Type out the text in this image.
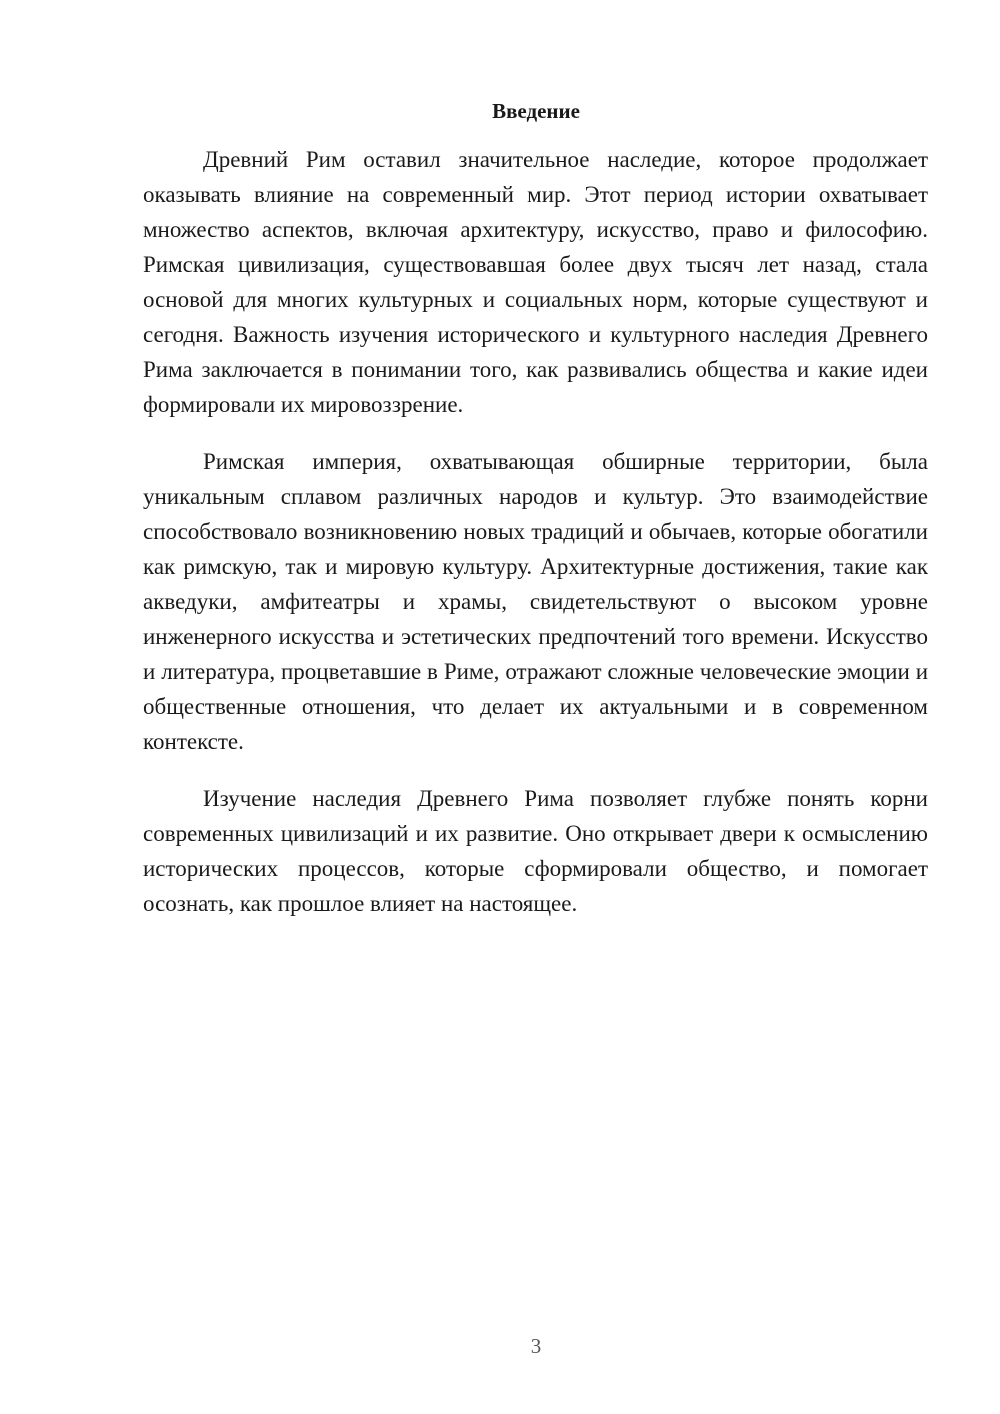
Введение

Древний Рим оставил значительное наследие, которое продолжает оказывать влияние на современный мир. Этот период истории охватывает множество аспектов, включая архитектуру, искусство, право и философию. Римская цивилизация, существовавшая более двух тысяч лет назад, стала основой для многих культурных и социальных норм, которые существуют и сегодня. Важность изучения исторического и культурного наследия Древнего Рима заключается в понимании того, как развивались общества и какие идеи формировали их мировоззрение.

Римская империя, охватывающая обширные территории, была уникальным сплавом различных народов и культур. Это взаимодействие способствовало возникновению новых традиций и обычаев, которые обогатили как римскую, так и мировую культуру. Архитектурные достижения, такие как акведуки, амфитеатры и храмы, свидетельствуют о высоком уровне инженерного искусства и эстетических предпочтений того времени. Искусство и литература, процветавшие в Риме, отражают сложные человеческие эмоции и общественные отношения, что делает их актуальными и в современном контексте.

Изучение наследия Древнего Рима позволяет глубже понять корни современных цивилизаций и их развитие. Оно открывает двери к осмыслению исторических процессов, которые сформировали общество, и помогает осознать, как прошлое влияет на настоящее.

3
